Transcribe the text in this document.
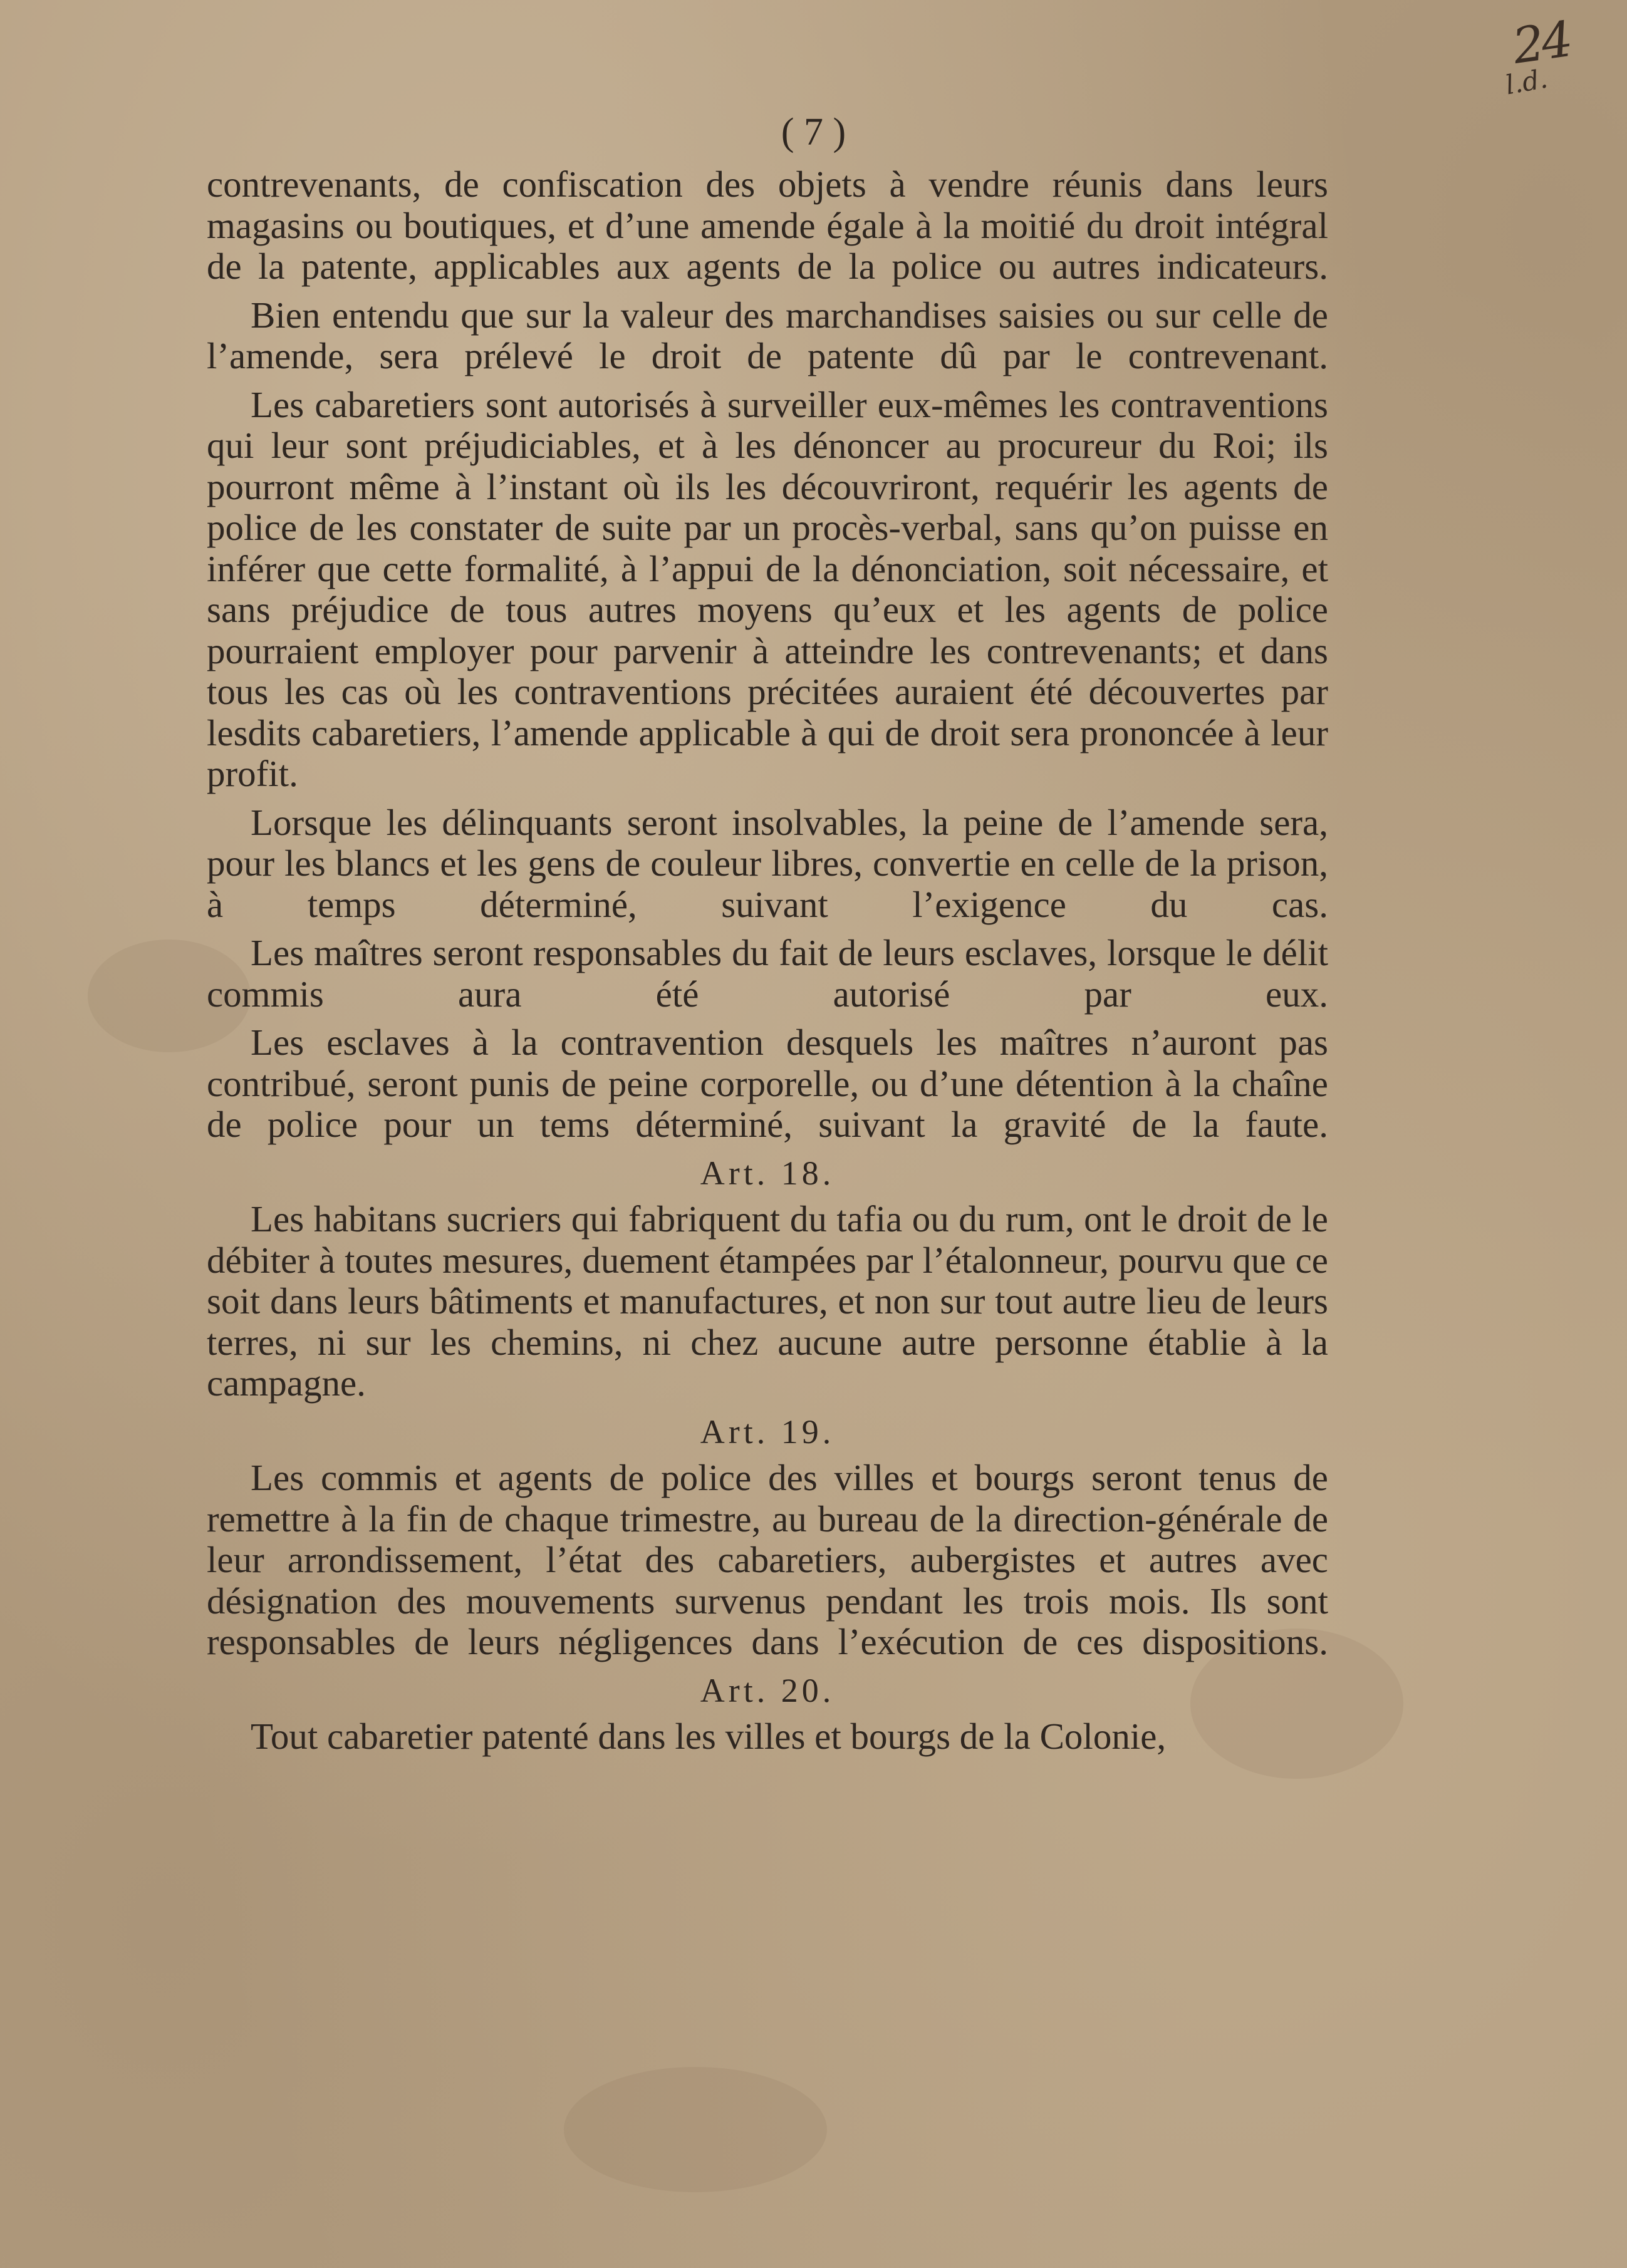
24
l.d.
( 7 )

contrevenants, de confiscation des objets à vendre réunis dans leurs magasins ou boutiques, et d’une amende égale à la moitié du droit intégral de la patente, applicables aux agents de la police ou autres indicateurs.

Bien entendu que sur la valeur des marchandises saisies ou sur celle de l’amende, sera prélevé le droit de patente dû par le contrevenant.

Les cabaretiers sont autorisés à surveiller eux-mêmes les contraventions qui leur sont préjudiciables, et à les dénoncer au procureur du Roi; ils pourront même à l’instant où ils les découvriront, requérir les agents de police de les constater de suite par un procès-verbal, sans qu’on puisse en inférer que cette formalité, à l’appui de la dénonciation, soit nécessaire, et sans préjudice de tous autres moyens qu’eux et les agents de police pourraient employer pour parvenir à atteindre les contrevenants; et dans tous les cas où les contraventions précitées auraient été découvertes par lesdits cabaretiers, l’amende applicable à qui de droit sera prononcée à leur profit.

Lorsque les délinquants seront insolvables, la peine de l’amende sera, pour les blancs et les gens de couleur libres, convertie en celle de la prison, à temps déterminé, suivant l’exigence du cas.

Les maîtres seront responsables du fait de leurs esclaves, lorsque le délit commis aura été autorisé par eux.

Les esclaves à la contravention desquels les maîtres n’auront pas contribué, seront punis de peine corporelle, ou d’une détention à la chaîne de police pour un tems déterminé, suivant la gravité de la faute.

Art. 18.

Les habitans sucriers qui fabriquent du tafia ou du rum, ont le droit de le débiter à toutes mesures, duement étampées par l’étalonneur, pourvu que ce soit dans leurs bâtiments et manufactures, et non sur tout autre lieu de leurs terres, ni sur les chemins, ni chez aucune autre personne établie à la campagne.

Art. 19.

Les commis et agents de police des villes et bourgs seront tenus de remettre à la fin de chaque trimestre, au bureau de la direction-générale de leur arrondissement, l’état des cabaretiers, aubergistes et autres avec désignation des mouvements survenus pendant les trois mois. Ils sont responsables de leurs négligences dans l’exécution de ces dispositions.

Art. 20.

Tout cabaretier patenté dans les villes et bourgs de la Colonie,
